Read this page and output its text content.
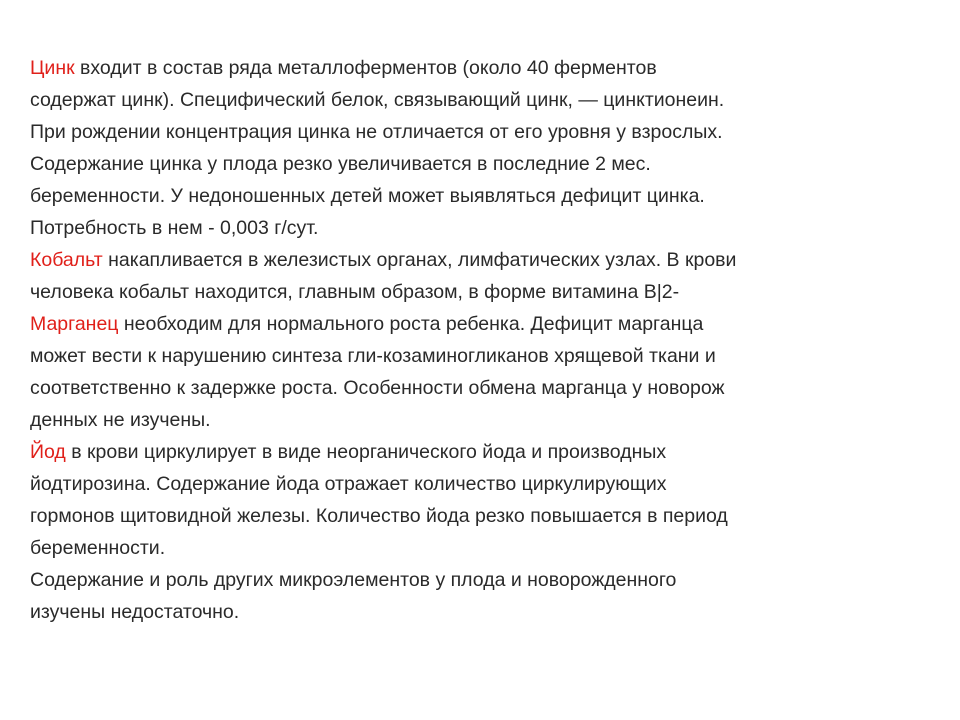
Цинк входит в состав ряда металлоферментов (около 40 ферментов
содержат цинк). Специфический белок, связывающий цинк, — цинктионеин.
При рождении концентрация цинка не отличается от его уровня у взрослых.
Содержание цинка у плода резко увеличивается в последние 2 мес.
беременности. У недоношенных детей может выявляться дефицит цинка.
Потребность в нем - 0,003 г/сут.

Кобальт накапливается в железистых органах, лимфатических узлах. В крови
человека кобальт находится, главным образом, в форме витамина В|2-

Марганец необходим для нормального роста ребенка. Дефицит марганца
может вести к нарушению синтеза гли-козаминогликанов хрящевой ткани и
соответственно к задержке роста. Особенности обмена марганца у новорож
денных не изучены.

Йод в крови циркулирует в виде неорганического йода и производных
йодтирозина. Содержание йода отражает количество циркулирующих
гормонов щитовидной железы. Количество йода резко повышается в период
беременности.

Содержание и роль других микроэлементов у плода и новорожденного
изучены недостаточно.
